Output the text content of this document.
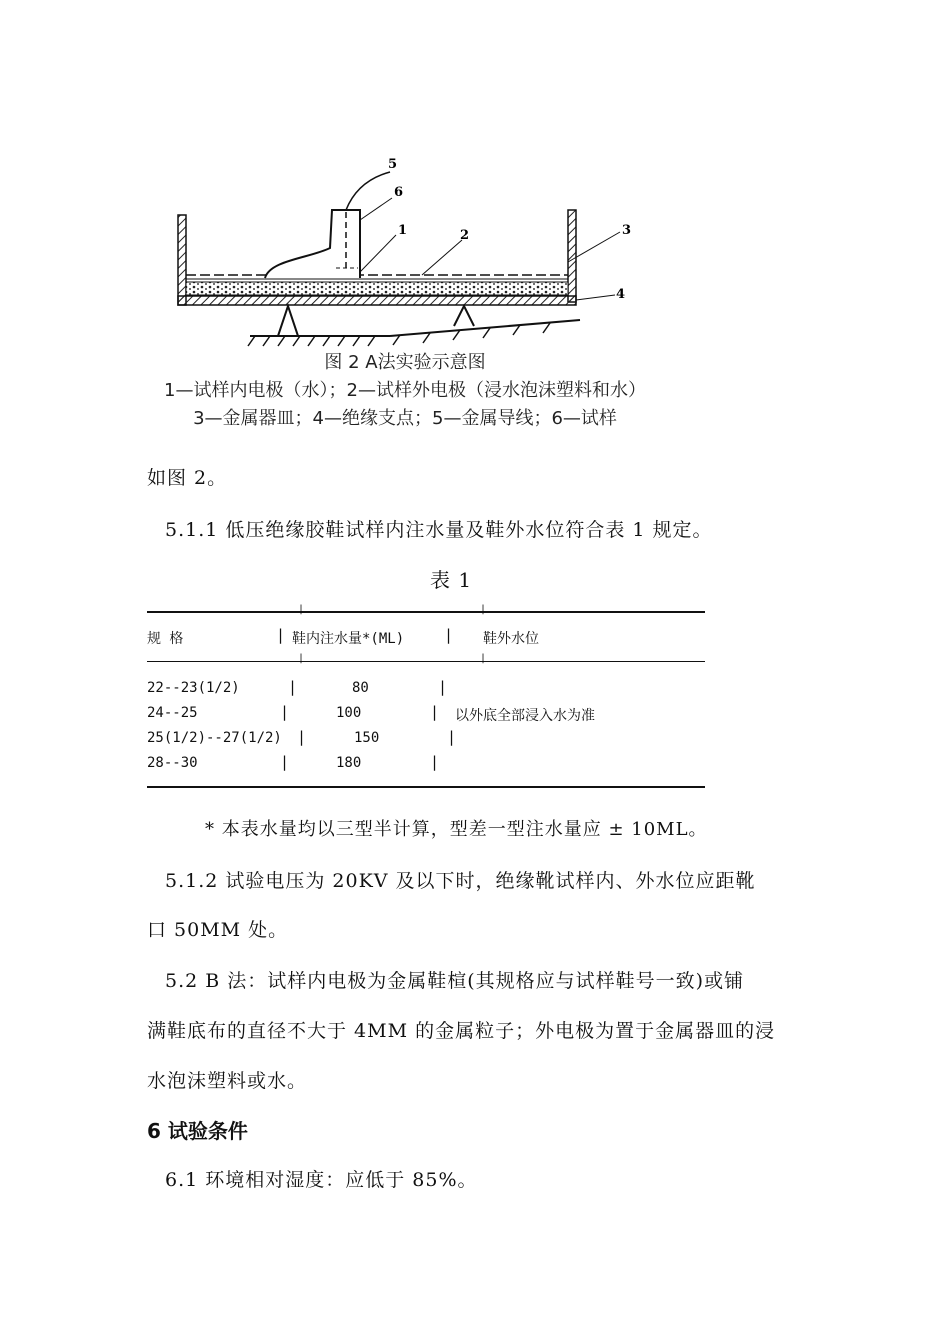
5
6
1	2	3
4
图 2 A法实验示意图
1—试样内电极（水）；2—试样外电极（浸水泡沫塑料和水）
3—金属器皿；4—绝缘支点；5—金属导线；6—试样
如图 2。
5.1.1 低压绝缘胶鞋试样内注水量及鞋外水位符合表 1 规定。
表 1
|	|
规 格	| 鞋内注水量*(ML)	| 鞋外水位
|	|
22--23(1/2)	|	80	|
24--25	|	100	| 以外底全部浸入水为准
25(1/2)--27(1/2) |	150	|
28--30	|	180	|
* 本表水量均以三型半计算，型差一型注水量应 ± 10ML。
5.1.2 试验电压为 20KV 及以下时，绝缘靴试样内、外水位应距靴
口 50MM 处。
5.2 B 法：试样内电极为金属鞋楦(其规格应与试样鞋号一致)或铺
满鞋底布的直径不大于 4MM 的金属粒子；外电极为置于金属器皿的浸
水泡沫塑料或水。
6 试验条件
6.1 环境相对湿度：应低于 85%。
